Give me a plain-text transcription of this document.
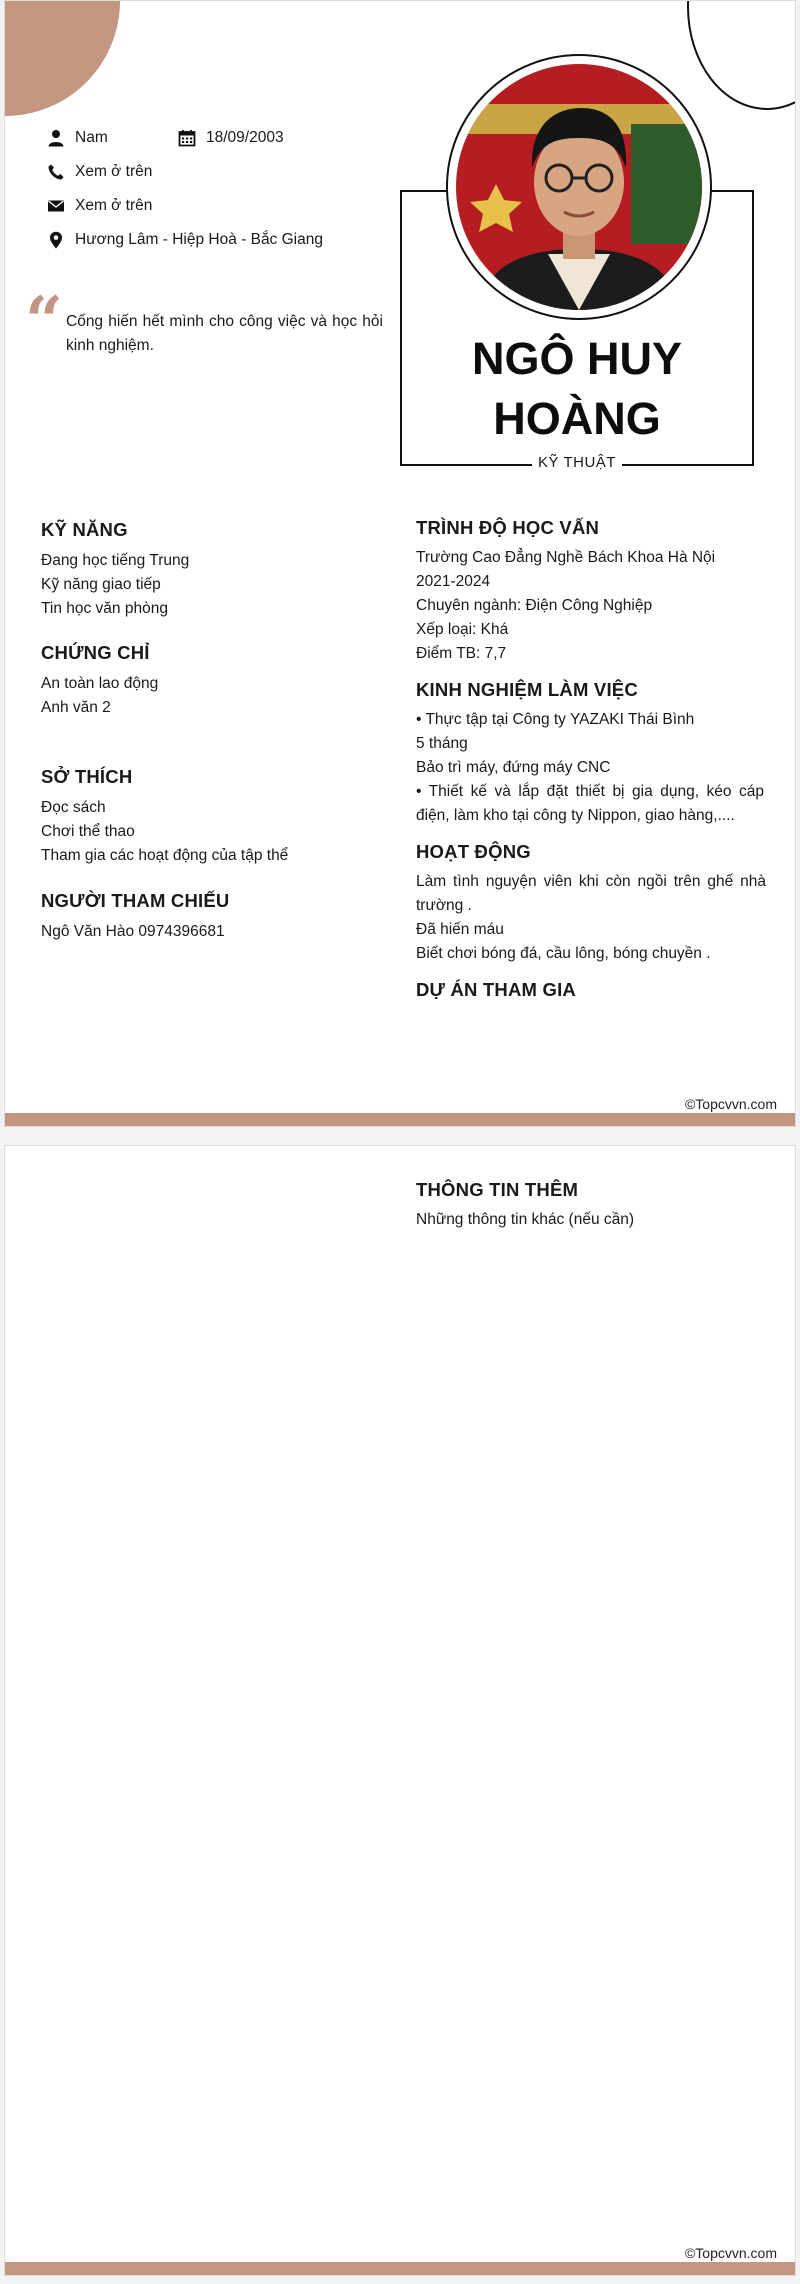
Nam	18/09/2003
Xem ở trên
Xem ở trên
Hương Lâm - Hiệp Hoà - Bắc Giang
“ Cống hiến hết mình cho công việc và học hỏi kinh nghiệm.	NGÔ HUY
HOÀNG
KỸ THUẬT
KỸ NĂNG
Đang học tiếng Trung
Kỹ năng giao tiếp
Tin học văn phòng
CHỨNG CHỈ
An toàn lao động
Anh văn 2
SỞ THÍCH
Đọc sách
Chơi thể thao
Tham gia các hoạt động của tập thể
NGƯỜI THAM CHIẾU
Ngô Văn Hào 0974396681
TRÌNH ĐỘ HỌC VẤN
Trường Cao Đẳng Nghề Bách Khoa Hà Nội
2021-2024
Chuyên ngành: Điện Công Nghiệp
Xếp loại: Khá
Điểm TB: 7,7
KINH NGHIỆM LÀM VIỆC
• Thực tập tại Công ty YAZAKI Thái Bình
5 tháng
Bảo trì máy, đứng máy CNC
• Thiết kế và lắp đặt thiết bị gia dụng, kéo cáp điện, làm kho tại công ty Nippon, giao hàng,....
HOẠT ĐỘNG
Làm tình nguyện viên khi còn ngồi trên ghế nhà trường .
Đã hiến máu
Biết chơi bóng đá, cầu lông, bóng chuyền .
DỰ ÁN THAM GIA
©Topcvvn.com
THÔNG TIN THÊM
Những thông tin khác (nếu cần)
©Topcvvn.com
